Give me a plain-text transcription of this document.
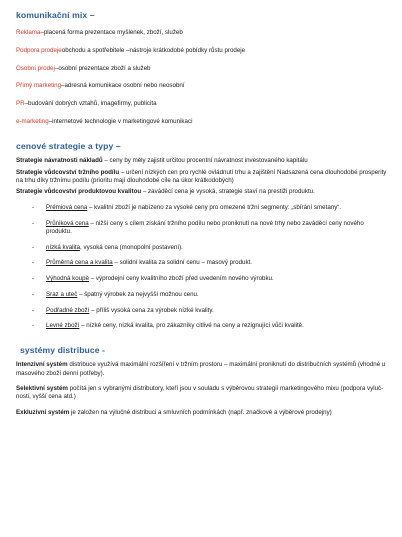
komunikační mix –
Reklama–placená forma prezentace myšlenek, zboží, služeb
Podpora prodejeobchodu a spotřebitele –nástroje krátkodobé pobídky růstu prodeje
Osobní prodej–osobní prezentace zboží a služeb
Přímý marketing–adresná komunikace osobní nebo neosobní
PR–budování dobrých vztahů, imagefirmy, publicita
e-marketing–internetové technologie v marketingové komunikaci
cenové strategie a typy –

Strategie návratnosti nákladů – ceny by měly zajistit určitou procentní návratnost investovaného kapitálu

Strategie vůdcovství tržního podílu – určení nízkých cen pro rychlé ovládnutí trhu a zajištění Nadsazená cena dlouhodobé prosperity na trhu díky tržnímu podílu (prioritu mají dlouhodobé cíle na úkor krátkodobých)

Strategie vůdcovství produktovou kvalitou – zaváděcí cena je vysoká, strategie staví na prestiži produktu.

- Prémiová cena – kvalitní zboží je nabízeno za vysoké ceny pro omezené tržní segmenty: „sbírání smetany“.
- Průniková cena – nižší ceny s cílem získání tržního podílu nebo proniknutí na nové trhy nebo zaváděcí ceny nového produktu.
- nízká kvalita, vysoká cena (monopolní postavení).
- Průměrná cena a kvalita – solidní kvalita za solidní cenu – masový produkt.
- Výhodná koupě – výprodejní ceny kvalitního zboží před uvedením nového výrobku.
- Sraz a uteč – špatný výrobek za nejvyšší možnou cenu.
- Podřadné zboží – příliš vysoká cena za výrobek nízké kvality.
- Levné zboží – nízké ceny, nízká kvalita, pro zákazníky citlivé na ceny a rezignující vůči kvalitě.
systémy distribuce -

Intenzivní systém distribuce využívá maximální rozšíření v tržním prostoru – maximální proniknutí do distribučních systémů (vhodné u masového zboží denní potřeby).

Selektivní systém počítá jen s vybranými distributory, kteří jsou v souladu s výběrovou strategií marketingového mixu (podpora vylučnosti, vyšší cena atd.)

Exkluzivní systém je založen na výlučné distribuci a smluvních podmínkách (např. značkové a výběrové prodejny)
